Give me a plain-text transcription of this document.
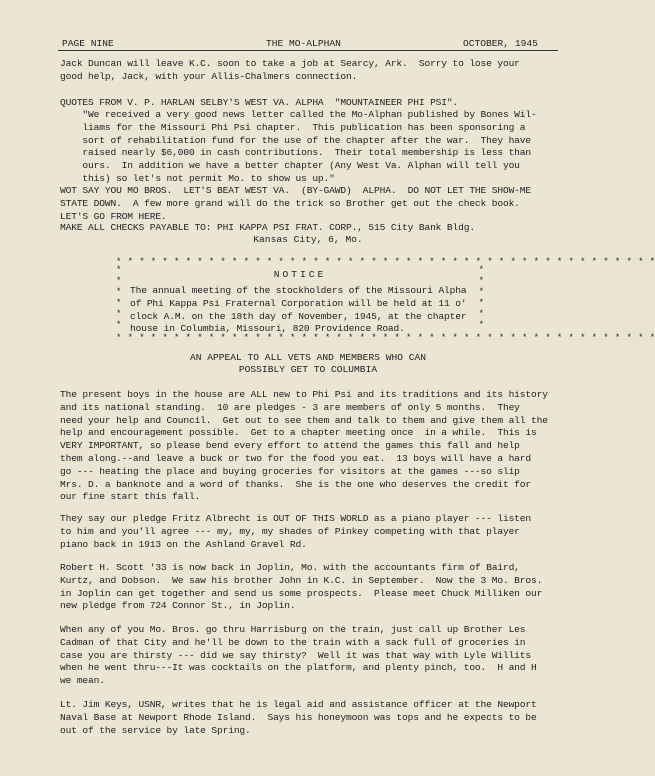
PAGE NINE	THE MO-ALPHAN	OCTOBER, 1945
Jack Duncan will leave K.C. soon to take a job at Searcy, Ark.  Sorry to lose your
good help, Jack, with your Allis-Chalmers connection.
QUOTES FROM V. P. HARLAN SELBY'S WEST VA. ALPHA  "MOUNTAINEER PHI PSI".
"We received a very good news letter called the Mo-Alphan published by Bones Wil-
liams for the Missouri Phi Psi chapter.  This publication has been sponsoring a
sort of rehabilitation fund for the use of the chapter after the war.  They have
raised nearly $6,000 in cash contributions.  Their total membership is less than
ours.  In addition we have a better chapter (Any West Va. Alphan will tell you
this) so let's not permit Mo. to show us up."
WOT SAY YOU MO BROS.  LET'S BEAT WEST VA.  (BY-GAWD)  ALPHA.  DO NOT LET THE SHOW-ME
STATE DOWN.  A few more grand will do the trick so Brother get out the check book.
LET'S GO FROM HERE.
MAKE ALL CHECKS PAYABLE TO: PHI KAPPA PSI FRAT. CORP., 515 City Bank Bldg.
Kansas City, 6, Mo.
* * * * * * * * * * * * * * * * * * * * * * * * * * * * * * * * * * * * * * * * * * * * * * *
*
*
*
*
*
*
*
*
*
*
*
*
NOTICE
The annual meeting of the stockholders of the Missouri Alpha
of Phi Kappa Psi Fraternal Corporation will be held at 11 o'
clock A.M. on the 18th day of November, 1945, at the chapter
house in Columbia, Missouri, 820 Providence Road.
* * * * * * * * * * * * * * * * * * * * * * * * * * * * * * * * * * * * * * * * * * * * * * *
AN APPEAL TO ALL VETS AND MEMBERS WHO CAN
POSSIBLY GET TO COLUMBIA
The present boys in the house are ALL new to Phi Psi and its traditions and its history
and its national standing.  10 are pledges - 3 are members of only 5 months.  They
need your help and Council.  Get out to see them and talk to them and give them all the
help and encouragement possible.  Get to a chapter meeting once  in a while.  This is
VERY IMPORTANT, so please bend every effort to attend the games this fall and help
them along.--and leave a buck or two for the food you eat.  13 boys will have a hard
go --- heating the place and buying groceries for visitors at the games ---so slip
Mrs. D. a banknote and a word of thanks.  She is the one who deserves the credit for
our fine start this fall.
They say our pledge Fritz Albrecht is OUT OF THIS WORLD as a piano player --- listen
to him and you'll agree --- my, my, my shades of Pinkey competing with that player
piano back in 1913 on the Ashland Gravel Rd.
Robert H. Scott '33 is now back in Joplin, Mo. with the accountants firm of Baird,
Kurtz, and Dobson.  We saw his brother John in K.C. in September.  Now the 3 Mo. Bros.
in Joplin can get together and send us some prospects.  Please meet Chuck Milliken our
new pledge from 724 Connor St., in Joplin.
When any of you Mo. Bros. go thru Harrisburg on the train, just call up Brother Les
Cadman of that City and he'll be down to the train with a sack full of groceries in
case you are thirsty --- did we say thirsty?  Well it was that way with Lyle Willits
when he went thru---It was cocktails on the platform, and plenty pinch, too.  H and H
we mean.
Lt. Jim Keys, USNR, writes that he is legal aid and assistance officer at the Newport
Naval Base at Newport Rhode Island.  Says his honeymoon was tops and he expects to be
out of the service by late Spring.
